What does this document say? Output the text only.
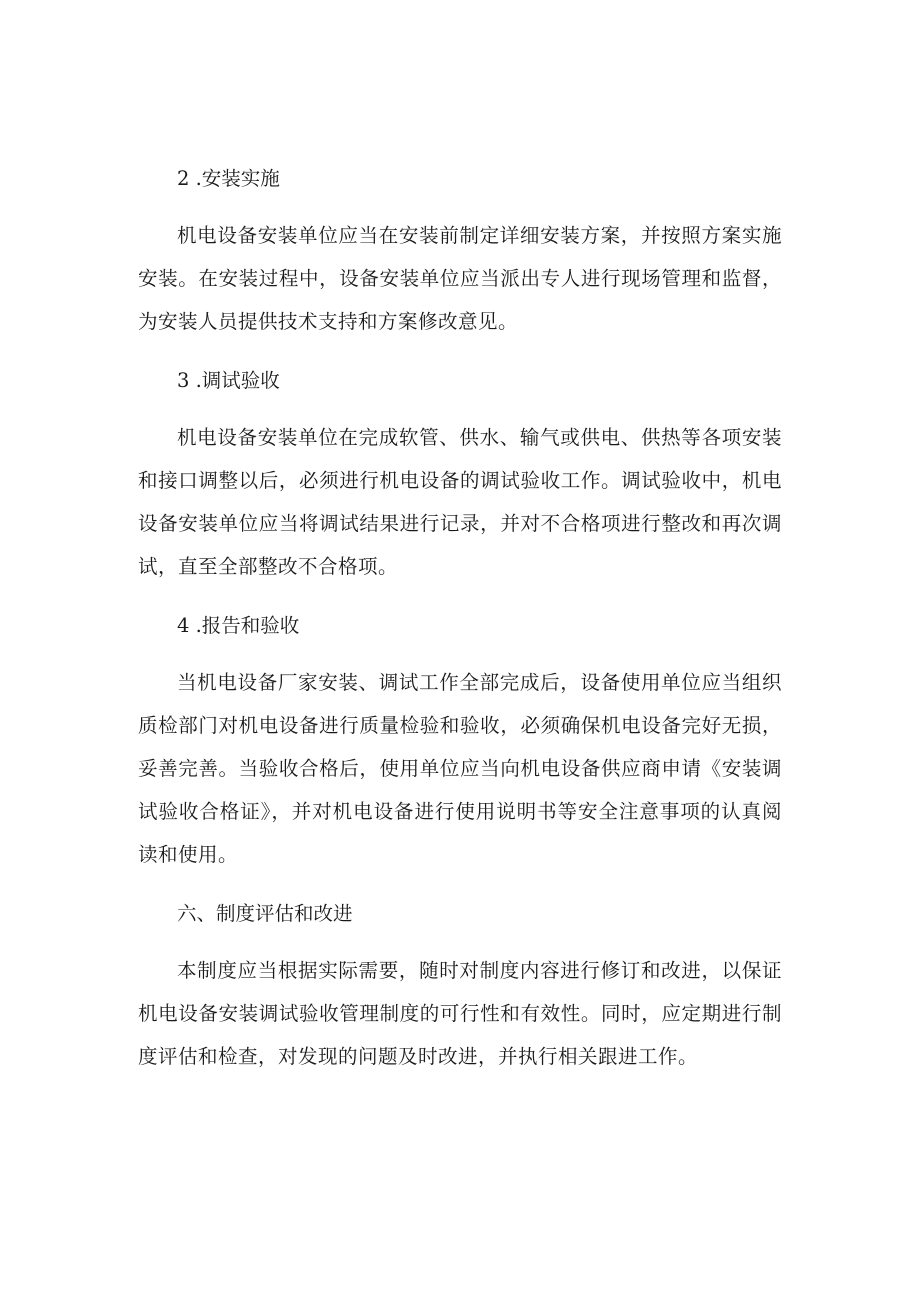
2 .安装实施

机电设备安装单位应当在安装前制定详细安装方案，并按照方案实施安装。在安装过程中，设备安装单位应当派出专人进行现场管理和监督，为安装人员提供技术支持和方案修改意见。

3 .调试验收

机电设备安装单位在完成软管、供水、输气或供电、供热等各项安装和接口调整以后，必须进行机电设备的调试验收工作。调试验收中，机电设备安装单位应当将调试结果进行记录，并对不合格项进行整改和再次调试，直至全部整改不合格项。

4 .报告和验收

当机电设备厂家安装、调试工作全部完成后，设备使用单位应当组织质检部门对机电设备进行质量检验和验收，必须确保机电设备完好无损，妥善完善。当验收合格后，使用单位应当向机电设备供应商申请《安装调试验收合格证》，并对机电设备进行使用说明书等安全注意事项的认真阅读和使用。

六、制度评估和改进

本制度应当根据实际需要，随时对制度内容进行修订和改进，以保证机电设备安装调试验收管理制度的可行性和有效性。同时，应定期进行制度评估和检查，对发现的问题及时改进，并执行相关跟进工作。
